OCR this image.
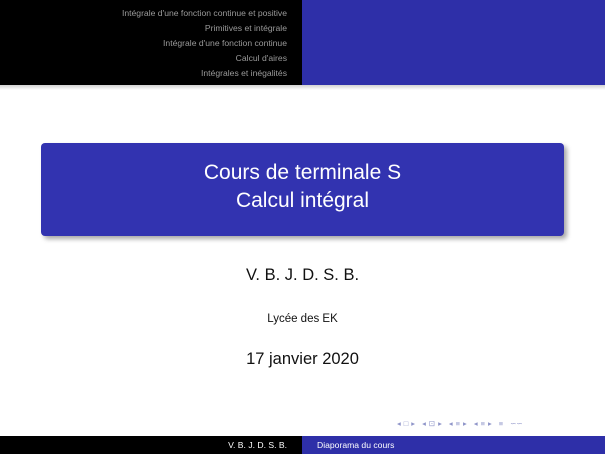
Intégrale d'une fonction continue et positive
Primitives et intégrale
Intégrale d'une fonction continue
Calcul d'aires
Intégrales et inégalités
Cours de terminale S
Calcul intégral
V. B. J. D. S. B.
Lycée des EK
17 janvier 2020
◂ □ ▸ ◂ ⊡ ▸ ◂ ≡ ▸ ◂ ≡ ▸ ≡ ∽∽
V. B. J. D. S. B.	Diaporama du cours
